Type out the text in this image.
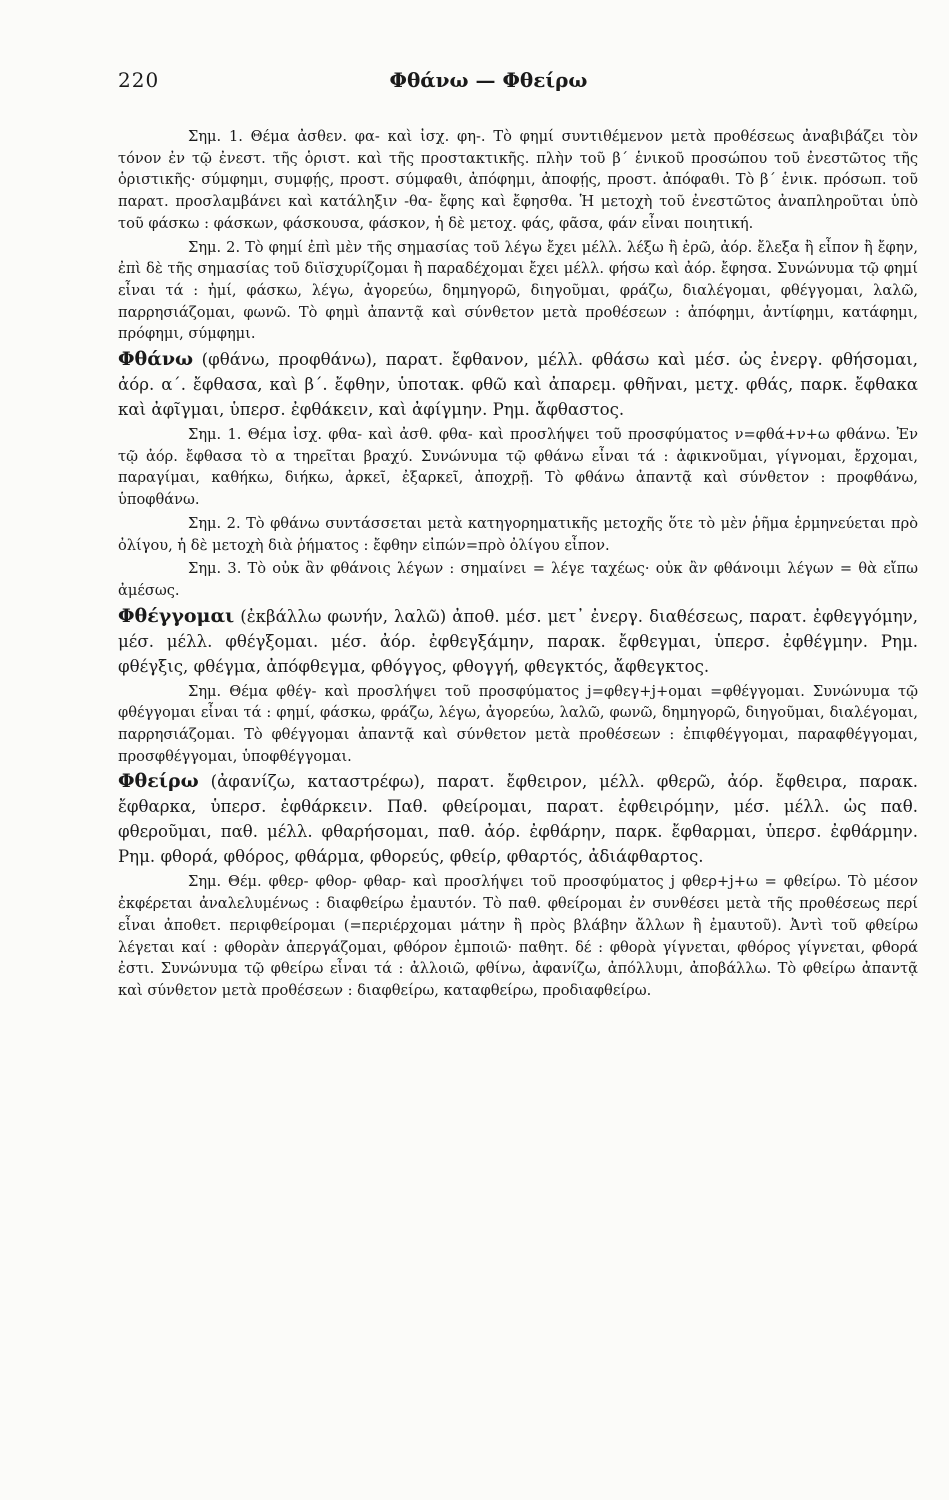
220	Φθάνω — Φθείρω

Σημ. 1. Θέμα ἀσθεν. φα- καὶ ἰσχ. φη-. Τὸ φημί συντιθέμενον μετὰ προθέσεως ἀναβιβάζει τὸν τόνον ἐν τῷ ἐνεστ. τῆς ὁριστ. καὶ τῆς προστακτικῆς. πλὴν τοῦ β΄ ἑνικοῦ προσώπου τοῦ ἐνεστῶτος τῆς ὁριστικῆς· σύμφημι, συμφῄς, προστ. σύμφαθι, ἀπόφημι, ἀποφῄς, προστ. ἀπόφαθι. Τὸ β΄ ἑνικ. πρόσωπ. τοῦ παρατ. προσλαμβάνει καὶ κατάληξιν -θα- ἔφης καὶ ἔφησθα. Ἡ μετοχὴ τοῦ ἐνεστῶτος ἀναπληροῦται ὑπὸ τοῦ φάσκω : φάσκων, φάσκουσα, φάσκον, ἡ δὲ μετοχ. φάς, φᾶσα, φάν εἶναι ποιητική.

Σημ. 2. Τὸ φημί ἐπὶ μὲν τῆς σημασίας τοῦ λέγω ἔχει μέλλ. λέξω ἢ ἐρῶ, ἀόρ. ἔλεξα ἢ εἶπον ἢ ἔφην, ἐπὶ δὲ τῆς σημασίας τοῦ διϊσχυρίζομαι ἢ παραδέχομαι ἔχει μέλλ. φήσω καὶ ἀόρ. ἔφησα. Συνώνυμα τῷ φημί εἶναι τά : ἠμί, φάσκω, λέγω, ἀγορεύω, δημηγορῶ, διηγοῦμαι, φράζω, διαλέγομαι, φθέγγομαι, λαλῶ, παρρησιάζομαι, φωνῶ. Τὸ φημὶ ἀπαντᾷ καὶ σύνθετον μετὰ προθέσεων : ἀπόφημι, ἀντίφημι, κατάφημι, πρόφημι, σύμφημι.

Φθάνω (φθάνω, προφθάνω), παρατ. ἔφθανον, μέλλ. φθάσω καὶ μέσ. ὡς ἐνεργ. φθήσομαι, ἀόρ. α΄. ἔφθασα, καὶ β΄. ἔφθην, ὑποτακ. φθῶ καὶ ἀπαρεμ. φθῆναι, μετχ. φθάς, παρκ. ἔφθακα καὶ ἀφῖγμαι, ὑπερσ. ἐφθάκειν, καὶ ἀφίγμην. Ρημ. ἄφθαστος.

Σημ. 1. Θέμα ἰσχ. φθα- καὶ ἀσθ. φθα- καὶ προσλήψει τοῦ προσφύματος ν=φθά+ν+ω φθάνω. Ἐν τῷ ἀόρ. ἔφθασα τὸ α τηρεῖται βραχύ. Συνώνυμα τῷ φθάνω εἶναι τά : ἀφικνοῦμαι, γίγνομαι, ἔρχομαι, παραγίμαι, καθήκω, διήκω, ἀρκεῖ, ἐξαρκεῖ, ἀποχρῇ. Τὸ φθάνω ἀπαντᾷ καὶ σύνθετον : προφθάνω, ὑποφθάνω.

Σημ. 2. Τὸ φθάνω συντάσσεται μετὰ κατηγορηματικῆς μετοχῆς ὅτε τὸ μὲν ῥῆμα ἑρμηνεύεται πρὸ ὀλίγου, ἡ δὲ μετοχὴ διὰ ῥήματος : ἔφθην εἰπών=πρὸ ὀλίγου εἶπον.

Σημ. 3. Τὸ οὐκ ἂν φθάνοις λέγων : σημαίνει = λέγε ταχέως· οὐκ ἂν φθάνοιμι λέγων = θὰ εἴπω ἀμέσως.

Φθέγγομαι (ἐκβάλλω φωνήν, λαλῶ) ἀποθ. μέσ. μετ᾿ ἐνεργ. διαθέσεως, παρατ. ἐφθεγγόμην, μέσ. μέλλ. φθέγξομαι. μέσ. ἀόρ. ἐφθεγξάμην, παρακ. ἔφθεγμαι, ὑπερσ. ἐφθέγμην. Ρημ. φθέγξις, φθέγμα, ἀπόφθεγμα, φθόγγος, φθογγή, φθεγκτός, ἄφθεγκτος.

Σημ. Θέμα φθέγ- καὶ προσλήψει τοῦ προσφύματος j=φθεγ+j+ομαι =φθέγγομαι. Συνώνυμα τῷ φθέγγομαι εἶναι τά : φημί, φάσκω, φράζω, λέγω, ἀγορεύω, λαλῶ, φωνῶ, δημηγορῶ, διηγοῦμαι, διαλέγομαι, παρρησιάζομαι. Τὸ φθέγγομαι ἀπαντᾷ καὶ σύνθετον μετὰ προθέσεων : ἐπιφθέγγομαι, παραφθέγγομαι, προσφθέγγομαι, ὑποφθέγγομαι.

Φθείρω (ἀφανίζω, καταστρέφω), παρατ. ἔφθειρον, μέλλ. φθερῶ, ἀόρ. ἔφθειρα, παρακ. ἔφθαρκα, ὑπερσ. ἐφθάρκειν. Παθ. φθείρομαι, παρατ. ἐφθειρόμην, μέσ. μέλλ. ὡς παθ. φθεροῦμαι, παθ. μέλλ. φθαρήσομαι, παθ. ἀόρ. ἐφθάρην, παρκ. ἔφθαρμαι, ὑπερσ. ἐφθάρμην. Ρημ. φθορά, φθόρος, φθάρμα, φθορεύς, φθείρ, φθαρτός, ἀδιάφθαρτος.

Σημ. Θέμ. φθερ- φθορ- φθαρ- καὶ προσλήψει τοῦ προσφύματος j φθερ+j+ω = φθείρω. Τὸ μέσον ἐκφέρεται ἀναλελυμένως : διαφθείρω ἐμαυτόν. Τὸ παθ. φθείρομαι ἐν συνθέσει μετὰ τῆς προθέσεως περί εἶναι ἀποθετ. περιφθείρομαι (=περιέρχομαι μάτην ἢ πρὸς βλάβην ἄλλων ἢ ἐμαυτοῦ). Ἀντὶ τοῦ φθείρω λέγεται καί : φθορὰν ἀπεργάζομαι, φθόρον ἐμποιῶ· παθητ. δέ : φθορὰ γίγνεται, φθόρος γίγνεται, φθορά ἐστι. Συνώνυμα τῷ φθείρω εἶναι τά : ἀλλοιῶ, φθίνω, ἀφανίζω, ἀπόλλυμι, ἀποβάλλω. Τὸ φθείρω ἀπαντᾷ καὶ σύνθετον μετὰ προθέσεων : διαφθείρω, καταφθείρω, προδιαφθείρω.
